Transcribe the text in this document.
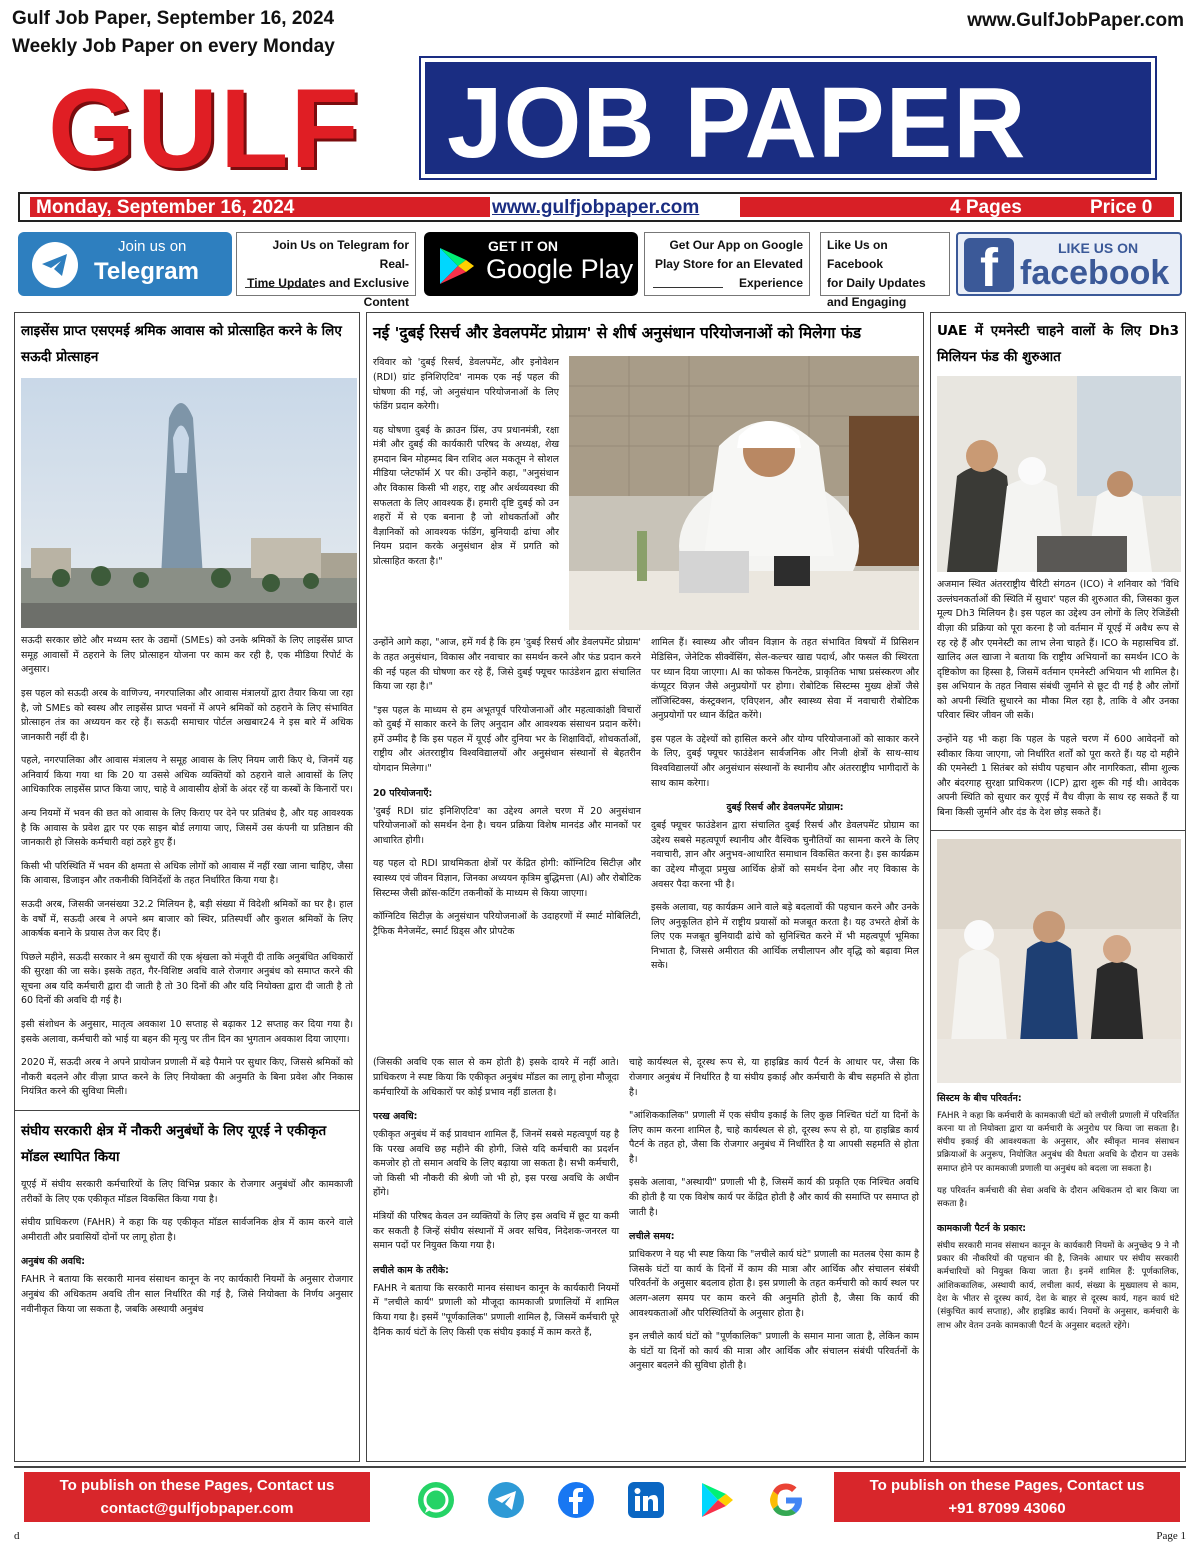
Gulf Job Paper, September 16, 2024
Weekly Job Paper on every Monday
www.GulfJobPaper.com
GULF JOB PAPER
Monday, September 16, 2024	www.gulfjobpaper.com	4 Pages	Price 0
Join us on
Telegram
Join Us on Telegram for Real-
Time Updates and Exclusive
Content
GET IT ON
Google Play
Get Our App on Google
Play Store for an Elevated
Experience
Like Us on Facebook
for Daily Updates
and Engaging
f	LIKE US ON
facebook
लाइसेंस प्राप्त एसएमई श्रमिक आवास को प्रोत्साहित करने के लिए सऊदी प्रोत्साहन

सऊदी सरकार छोटे और मध्यम स्तर के उद्यमों (SMEs) को उनके श्रमिकों के लिए लाइसेंस प्राप्त समूह आवासों में ठहराने के लिए प्रोत्साहन योजना पर काम कर रही है, एक मीडिया रिपोर्ट के अनुसार।

इस पहल को सऊदी अरब के वाणिज्य, नगरपालिका और आवास मंत्रालयों द्वारा तैयार किया जा रहा है, जो SMEs को स्वस्थ और लाइसेंस प्राप्त भवनों में अपने श्रमिकों को ठहराने के लिए संभावित प्रोत्साहन तंत्र का अध्ययन कर रहे हैं। सऊदी समाचार पोर्टल अखबार24 ने इस बारे में अधिक जानकारी नहीं दी है।

पहले, नगरपालिका और आवास मंत्रालय ने समूह आवास के लिए नियम जारी किए थे, जिनमें यह अनिवार्य किया गया था कि 20 या उससे अधिक व्यक्तियों को ठहराने वाले आवासों के लिए आधिकारिक लाइसेंस प्राप्त किया जाए, चाहे वे आवासीय क्षेत्रों के अंदर रहें या कस्बों के किनारों पर।

अन्य नियमों में भवन की छत को आवास के लिए किराए पर देने पर प्रतिबंध है, और यह आवश्यक है कि आवास के प्रवेश द्वार पर एक साइन बोर्ड लगाया जाए, जिसमें उस कंपनी या प्रतिष्ठान की जानकारी हो जिसके कर्मचारी वहां ठहरे हुए हैं।

किसी भी परिस्थिति में भवन की क्षमता से अधिक लोगों को आवास में नहीं रखा जाना चाहिए, जैसा कि आवास, डिजाइन और तकनीकी विनिर्देशों के तहत निर्धारित किया गया है।

सऊदी अरब, जिसकी जनसंख्या 32.2 मिलियन है, बड़ी संख्या में विदेशी श्रमिकों का घर है। हाल के वर्षों में, सऊदी अरब ने अपने श्रम बाजार को स्थिर, प्रतिस्पर्धी और कुशल श्रमिकों के लिए आकर्षक बनाने के प्रयास तेज कर दिए हैं।

पिछले महीने, सऊदी सरकार ने श्रम सुधारों की एक श्रृंखला को मंजूरी दी ताकि अनुबंधित अधिकारों की सुरक्षा की जा सके। इसके तहत, गैर-विशिष्ट अवधि वाले रोजगार अनुबंध को समाप्त करने की सूचना अब यदि कर्मचारी द्वारा दी जाती है तो 30 दिनों की और यदि नियोक्ता द्वारा दी जाती है तो 60 दिनों की अवधि दी गई है।

इसी संशोधन के अनुसार, मातृत्व अवकाश 10 सप्ताह से बढ़ाकर 12 सप्ताह कर दिया गया है। इसके अलावा, कर्मचारी को भाई या बहन की मृत्यु पर तीन दिन का भुगतान अवकाश दिया जाएगा।

2020 में, सऊदी अरब ने अपने प्रायोजन प्रणाली में बड़े पैमाने पर सुधार किए, जिससे श्रमिकों को नौकरी बदलने और वीज़ा प्राप्त करने के लिए नियोक्ता की अनुमति के बिना प्रवेश और निकास नियंत्रित करने की सुविधा मिली।

संघीय सरकारी क्षेत्र में नौकरी अनुबंधों के लिए यूएई ने एकीकृत मॉडल स्थापित किया

यूएई में संघीय सरकारी कर्मचारियों के लिए विभिन्न प्रकार के रोजगार अनुबंधों और कामकाजी तरीकों के लिए एक एकीकृत मॉडल विकसित किया गया है।

संघीय प्राधिकरण (FAHR) ने कहा कि यह एकीकृत मॉडल सार्वजनिक क्षेत्र में काम करने वाले अमीराती और प्रवासियों दोनों पर लागू होता है।

अनुबंध की अवधि:

FAHR ने बताया कि सरकारी मानव संसाधन कानून के नए कार्यकारी नियमों के अनुसार रोजगार अनुबंध की अधिकतम अवधि तीन साल निर्धारित की गई है, जिसे नियोक्ता के निर्णय अनुसार नवीनीकृत किया जा सकता है, जबकि अस्थायी अनुबंध

नई 'दुबई रिसर्च और डेवलपमेंट प्रोग्राम' से शीर्ष अनुसंधान परियोजनाओं को मिलेगा फंड

रविवार को 'दुबई रिसर्च, डेवलपमेंट, और इनोवेशन (RDI) ग्रांट इनिशिएटिव' नामक एक नई पहल की घोषणा की गई, जो अनुसंधान परियोजनाओं के लिए फंडिंग प्रदान करेगी।

यह घोषणा दुबई के क्राउन प्रिंस, उप प्रधानमंत्री, रक्षा मंत्री और दुबई की कार्यकारी परिषद के अध्यक्ष, शेख हमदान बिन मोहम्मद बिन राशिद अल मकतूम ने सोशल मीडिया प्लेटफॉर्म X पर की। उन्होंने कहा, "अनुसंधान और विकास किसी भी शहर, राष्ट्र और अर्थव्यवस्था की सफलता के लिए आवश्यक हैं। हमारी दृष्टि दुबई को उन शहरों में से एक बनाना है जो शोधकर्ताओं और वैज्ञानिकों को आवश्यक फंडिंग, बुनियादी ढांचा और नियम प्रदान करके अनुसंधान क्षेत्र में प्रगति को प्रोत्साहित करता है।"

उन्होंने आगे कहा, "आज, हमें गर्व है कि हम 'दुबई रिसर्च और डेवलपमेंट प्रोग्राम' के तहत अनुसंधान, विकास और नवाचार का समर्थन करने और फंड प्रदान करने की नई पहल की घोषणा कर रहे हैं, जिसे दुबई फ्यूचर फाउंडेशन द्वारा संचालित किया जा रहा है।"

"इस पहल के माध्यम से हम अभूतपूर्व परियोजनाओं और महत्वाकांक्षी विचारों को दुबई में साकार करने के लिए अनुदान और आवश्यक संसाधन प्रदान करेंगे। हमें उम्मीद है कि इस पहल में यूएई और दुनिया भर के शिक्षाविदों, शोधकर्ताओं, राष्ट्रीय और अंतरराष्ट्रीय विश्वविद्यालयों और अनुसंधान संस्थानों से बेहतरीन योगदान मिलेगा।"

20 परियोजनाएँ:

'दुबई RDI ग्रांट इनिशिएटिव' का उद्देश्य अगले चरण में 20 अनुसंधान परियोजनाओं को समर्थन देना है। चयन प्रक्रिया विशेष मानदंड और मानकों पर आधारित होगी।

यह पहल दो RDI प्राथमिकता क्षेत्रों पर केंद्रित होगी: कॉग्निटिव सिटीज़ और स्वास्थ्य एवं जीवन विज्ञान, जिनका अध्ययन कृत्रिम बुद्धिमत्ता (AI) और रोबोटिक सिस्टम्स जैसी क्रॉस-कटिंग तकनीकों के माध्यम से किया जाएगा।

कॉग्निटिव सिटीज़ के अनुसंधान परियोजनाओं के उदाहरणों में स्मार्ट मोबिलिटी, ट्रैफिक मैनेजमेंट, स्मार्ट ग्रिड्स और प्रोपटेक

शामिल हैं। स्वास्थ्य और जीवन विज्ञान के तहत संभावित विषयों में प्रिसिशन मेडिसिन, जेनेटिक सीक्वेंसिंग, सेल-कल्चर खाद्य पदार्थ, और फसल की स्थिरता पर ध्यान दिया जाएगा। AI का फोकस फिनटेक, प्राकृतिक भाषा प्रसंस्करण और कंप्यूटर विज़न जैसे अनुप्रयोगों पर होगा। रोबोटिक सिस्टम्स मुख्य क्षेत्रों जैसे लॉजिस्टिक्स, कंस्ट्रक्शन, एविएशन, और स्वास्थ्य सेवा में नवाचारी रोबोटिक अनुप्रयोगों पर ध्यान केंद्रित करेंगे।

इस पहल के उद्देश्यों को हासिल करने और योग्य परियोजनाओं को साकार करने के लिए, दुबई फ्यूचर फाउंडेशन सार्वजनिक और निजी क्षेत्रों के साथ-साथ विश्वविद्यालयों और अनुसंधान संस्थानों के स्थानीय और अंतरराष्ट्रीय भागीदारों के साथ काम करेगा।

दुबई रिसर्च और डेवलपमेंट प्रोग्राम:

दुबई फ्यूचर फाउंडेशन द्वारा संचालित दुबई रिसर्च और डेवलपमेंट प्रोग्राम का उद्देश्य सबसे महत्वपूर्ण स्थानीय और वैश्विक चुनौतियों का सामना करने के लिए नवाचारी, ज्ञान और अनुभव-आधारित समाधान विकसित करना है। इस कार्यक्रम का उद्देश्य मौजूदा प्रमुख आर्थिक क्षेत्रों को समर्थन देना और नए विकास के अवसर पैदा करना भी है।

इसके अलावा, यह कार्यक्रम आने वाले बड़े बदलावों की पहचान करने और उनके लिए अनुकूलित होने में राष्ट्रीय प्रयासों को मजबूत करता है। यह उभरते क्षेत्रों के लिए एक मजबूत बुनियादी ढांचे को सुनिश्चित करने में भी महत्वपूर्ण भूमिका निभाता है, जिससे अमीरात की आर्थिक लचीलापन और वृद्धि को बढ़ावा मिल सके।

(जिसकी अवधि एक साल से कम होती है) इसके दायरे में नहीं आते। प्राधिकरण ने स्पष्ट किया कि एकीकृत अनुबंध मॉडल का लागू होना मौजूदा कर्मचारियों के अधिकारों पर कोई प्रभाव नहीं डालता है।

परख अवधि:

एकीकृत अनुबंध में कई प्रावधान शामिल हैं, जिनमें सबसे महत्वपूर्ण यह है कि परख अवधि छह महीने की होगी, जिसे यदि कर्मचारी का प्रदर्शन कमजोर हो तो समान अवधि के लिए बढ़ाया जा सकता है। सभी कर्मचारी, जो किसी भी नौकरी की श्रेणी जो भी हो, इस परख अवधि के अधीन होंगे।

मंत्रियों की परिषद केवल उन व्यक्तियों के लिए इस अवधि में छूट या कमी कर सकती है जिन्हें संघीय संस्थानों में अवर सचिव, निदेशक-जनरल या समान पदों पर नियुक्त किया गया है।

लचीले काम के तरीके:

FAHR ने बताया कि सरकारी मानव संसाधन कानून के कार्यकारी नियमों में "लचीले कार्य" प्रणाली को मौजूदा कामकाजी प्रणालियों में शामिल किया गया है। इसमें "पूर्णकालिक" प्रणाली शामिल है, जिसमें कर्मचारी पूरे दैनिक कार्य घंटों के लिए किसी एक संघीय इकाई में काम करते हैं,

चाहे कार्यस्थल से, दूरस्थ रूप से, या हाइब्रिड कार्य पैटर्न के आधार पर, जैसा कि रोजगार अनुबंध में निर्धारित है या संघीय इकाई और कर्मचारी के बीच सहमति से होता है।

"आंशिककालिक" प्रणाली में एक संघीय इकाई के लिए कुछ निश्चित घंटों या दिनों के लिए काम करना शामिल है, चाहे कार्यस्थल से हो, दूरस्थ रूप से हो, या हाइब्रिड कार्य पैटर्न के तहत हो, जैसा कि रोजगार अनुबंध में निर्धारित है या आपसी सहमति से होता है।

इसके अलावा, "अस्थायी" प्रणाली भी है, जिसमें कार्य की प्रकृति एक निश्चित अवधि की होती है या एक विशेष कार्य पर केंद्रित होती है और कार्य की समाप्ति पर समाप्त हो जाती है।

लचीले समय:

प्राधिकरण ने यह भी स्पष्ट किया कि "लचीले कार्य घंटे" प्रणाली का मतलब ऐसा काम है जिसके घंटों या कार्य के दिनों में काम की मात्रा और आर्थिक और संचालन संबंधी परिवर्तनों के अनुसार बदलाव होता है। इस प्रणाली के तहत कर्मचारी को कार्य स्थल पर अलग-अलग समय पर काम करने की अनुमति होती है, जैसा कि कार्य की आवश्यकताओं और परिस्थितियों के अनुसार होता है।

इन लचीले कार्य घंटों को "पूर्णकालिक" प्रणाली के समान माना जाता है, लेकिन काम के घंटों या दिनों को कार्य की मात्रा और आर्थिक और संचालन संबंधी परिवर्तनों के अनुसार बदलने की सुविधा होती है।

UAE में एमनेस्टी चाहने वालों के लिए Dh3 मिलियन फंड की शुरुआत

अजमान स्थित अंतरराष्ट्रीय चैरिटी संगठन (ICO) ने शनिवार को 'विधि उल्लंघनकर्ताओं की स्थिति में सुधार' पहल की शुरुआत की, जिसका कुल मूल्य Dh3 मिलियन है। इस पहल का उद्देश्य उन लोगों के लिए रेजिडेंसी वीज़ा की प्रक्रिया को पूरा करना है जो वर्तमान में यूएई में अवैध रूप से रह रहे हैं और एमनेस्टी का लाभ लेना चाहते हैं। ICO के महासचिव डॉ. खालिद अल खाजा ने बताया कि राष्ट्रीय अभियानों का समर्थन ICO के दृष्टिकोण का हिस्सा है, जिसमें वर्तमान एमनेस्टी अभियान भी शामिल है। इस अभियान के तहत निवास संबंधी जुर्माने से छूट दी गई है और लोगों को अपनी स्थिति सुधारने का मौका मिल रहा है, ताकि वे और उनका परिवार स्थिर जीवन जी सकें।

उन्होंने यह भी कहा कि पहल के पहले चरण में 600 आवेदनों को स्वीकार किया जाएगा, जो निर्धारित शर्तों को पूरा करते हैं। यह दो महीने की एमनेस्टी 1 सितंबर को संघीय पहचान और नागरिकता, सीमा शुल्क और बंदरगाह सुरक्षा प्राधिकरण (ICP) द्वारा शुरू की गई थी। आवेदक अपनी स्थिति को सुधार कर यूएई में वैध वीज़ा के साथ रह सकते हैं या बिना किसी जुर्माने और दंड के देश छोड़ सकते हैं।

सिस्टम के बीच परिवर्तन:

FAHR ने कहा कि कर्मचारी के कामकाजी घंटों को लचीली प्रणाली में परिवर्तित करना या तो नियोक्ता द्वारा या कर्मचारी के अनुरोध पर किया जा सकता है। संघीय इकाई की आवश्यकता के अनुसार, और स्वीकृत मानव संसाधन प्रक्रियाओं के अनुरूप, नियोजित अनुबंध की वैधता अवधि के दौरान या उसके समाप्त होने पर कामकाजी प्रणाली या अनुबंध को बदला जा सकता है।

यह परिवर्तन कर्मचारी की सेवा अवधि के दौरान अधिकतम दो बार किया जा सकता है।

कामकाजी पैटर्न के प्रकार:

संघीय सरकारी मानव संसाधन कानून के कार्यकारी नियमों के अनुच्छेद 9 ने नौ प्रकार की नौकरियों की पहचान की है, जिनके आधार पर संघीय सरकारी कर्मचारियों को नियुक्त किया जाता है। इनमें शामिल हैं: पूर्णकालिक, आंशिककालिक, अस्थायी कार्य, लचीला कार्य, संख्या के मुख्यालय से काम, देश के भीतर से दूरस्थ कार्य, देश के बाहर से दूरस्थ कार्य, गहन कार्य घंटे (संकुचित कार्य सप्ताह), और हाइब्रिड कार्य। नियमों के अनुसार, कर्मचारी के लाभ और वेतन उनके कामकाजी पैटर्न के अनुसार बदलते रहेंगे।

To publish on these Pages, Contact us
contact@gulfjobpaper.com
To publish on these Pages, Contact us
+91 87099 43060
d	Page 1
